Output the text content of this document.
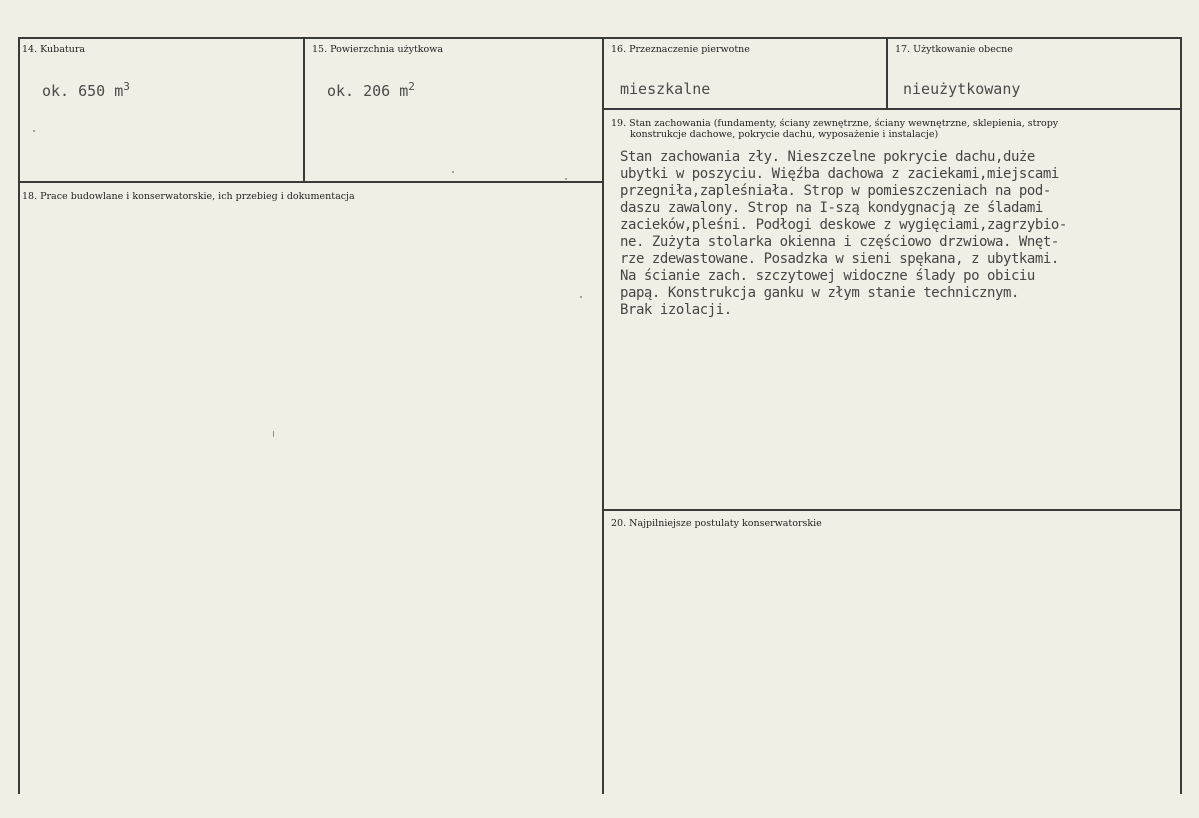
14. Kubatura
ok. 650 $m^3$
15. Powierzchnia użytkowa
ok. 206 $m^2$
16. Przeznaczenie pierwotne
mieszkalne
17. Użytkowanie obecne
nieużytkowany
18. Prace budowlane i konserwatorskie, ich przebieg i dokumentacja
19. Stan zachowania (fundamenty, ściany zewnętrzne, ściany wewnętrzne, sklepienia, stropy
konstrukcje dachowe, pokrycie dachu, wyposażenie i instalacje)
Stan zachowania zły. Nieszczelne pokrycie dachu,duże
ubytki w poszyciu. Więźba dachowa z zaciekami,miejscami
przegniła,zapleśniała. Strop w pomieszczeniach na pod-
daszu zawalony. Strop na I-szą kondygnacją ze śladami
zacieków,pleśni. Podłogi deskowe z wygięciami,zagrzybio-
ne. Zużyta stolarka okienna i częściowo drzwiowa. Wnęt-
rze zdewastowane. Posadzka w sieni spękana, z ubytkami.
Na ścianie zach. szczytowej widoczne ślady po obiciu
papą. Konstrukcja ganku w złym stanie technicznym.
Brak izolacji.
20. Najpilniejsze postulaty konserwatorskie
